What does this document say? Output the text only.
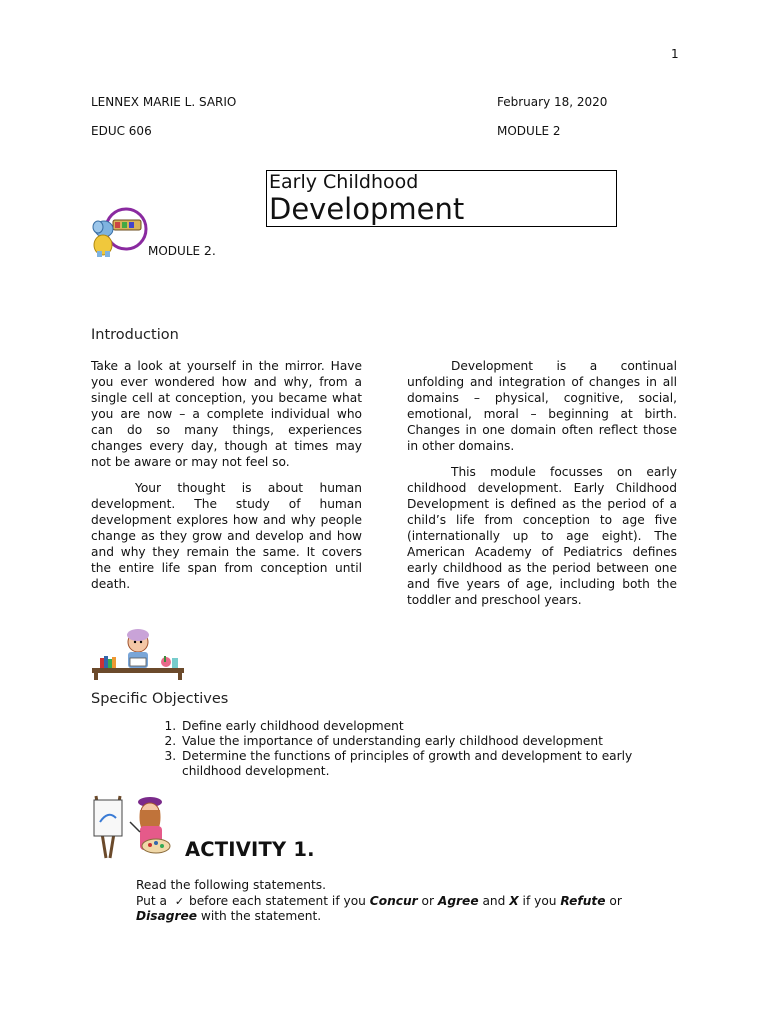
1
LENNEX MARIE L. SARIO	February 18, 2020
EDUC 606	MODULE 2
Early Childhood
Development
MODULE 2.
Introduction

Take a look at yourself in the mirror. Have you ever wondered how and why, from a single cell at conception, you became what you are now – a complete individual who can do so many things, experiences changes every day, though at times may not be aware or may not feel so.

Your thought is about human development. The study of human development explores how and why people change as they grow and develop and how and why they remain the same. It covers the entire life span from conception until death.

Development is a continual unfolding and integration of changes in all domains – physical, cognitive, social, emotional, moral – beginning at birth. Changes in one domain often reflect those in other domains.

This module focusses on early childhood development. Early Childhood Development is defined as the period of a child’s life from conception to age five (internationally up to age eight). The American Academy of Pediatrics defines early childhood as the period between one and five years of age, including both the toddler and preschool years.

Specific Objectives
1. Define early childhood development
2. Value the importance of understanding early childhood development
3. Determine the functions of principles of growth and development to early childhood development.
ACTIVITY 1.
Read the following statements.
Put a ✓ before each statement if you Concur or Agree and X if you Refute or
Disagree with the statement.
